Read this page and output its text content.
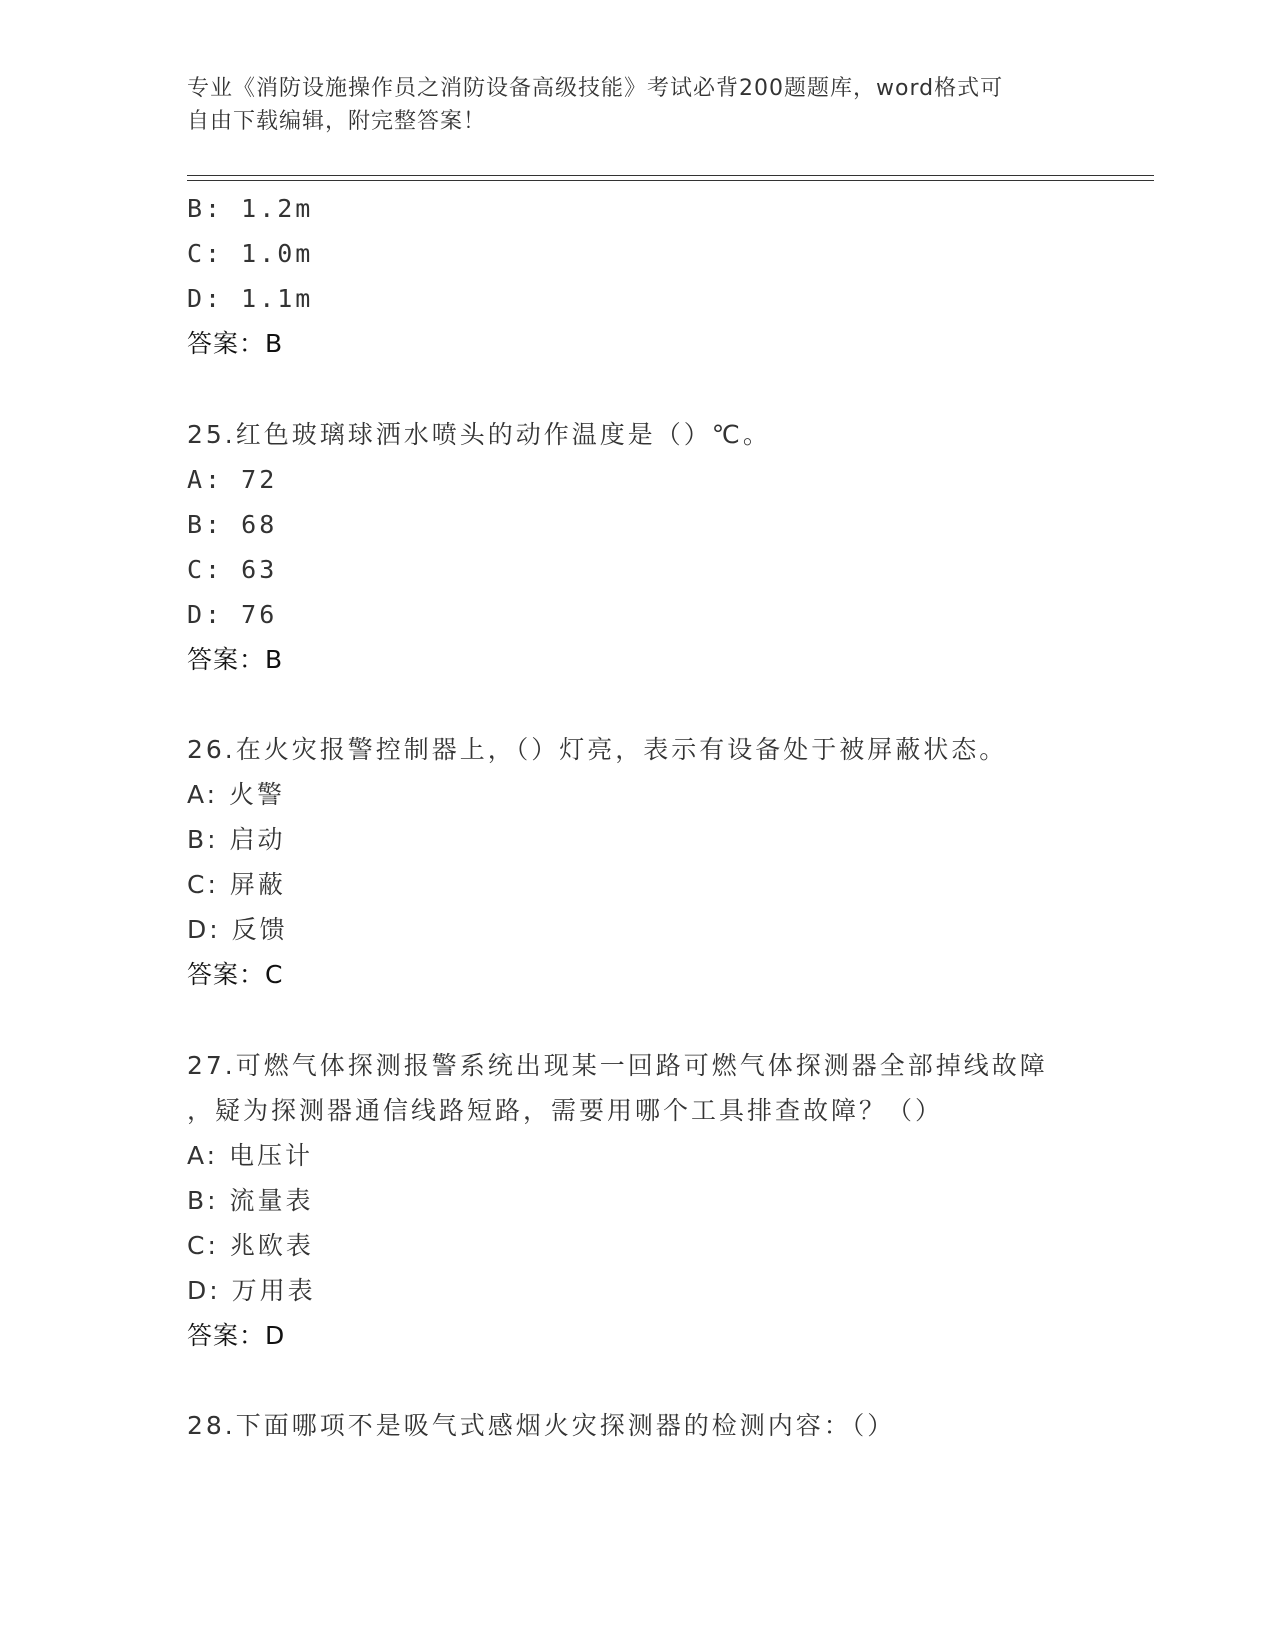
专业《消防设施操作员之消防设备高级技能》考试必背200题题库，word格式可
自由下载编辑，附完整答案！
B: 1.2m
C: 1.0m
D: 1.1m
答案：B
25.红色玻璃球洒水喷头的动作温度是（）℃。
A: 72
B: 68
C: 63
D: 76
答案：B
26.在火灾报警控制器上，（）灯亮，表示有设备处于被屏蔽状态。
A: 火警
B: 启动
C: 屏蔽
D: 反馈
答案：C
27.可燃气体探测报警系统出现某一回路可燃气体探测器全部掉线故障
，疑为探测器通信线路短路，需要用哪个工具排查故障？（）
A: 电压计
B: 流量表
C: 兆欧表
D: 万用表
答案：D
28.下面哪项不是吸气式感烟火灾探测器的检测内容：（）
